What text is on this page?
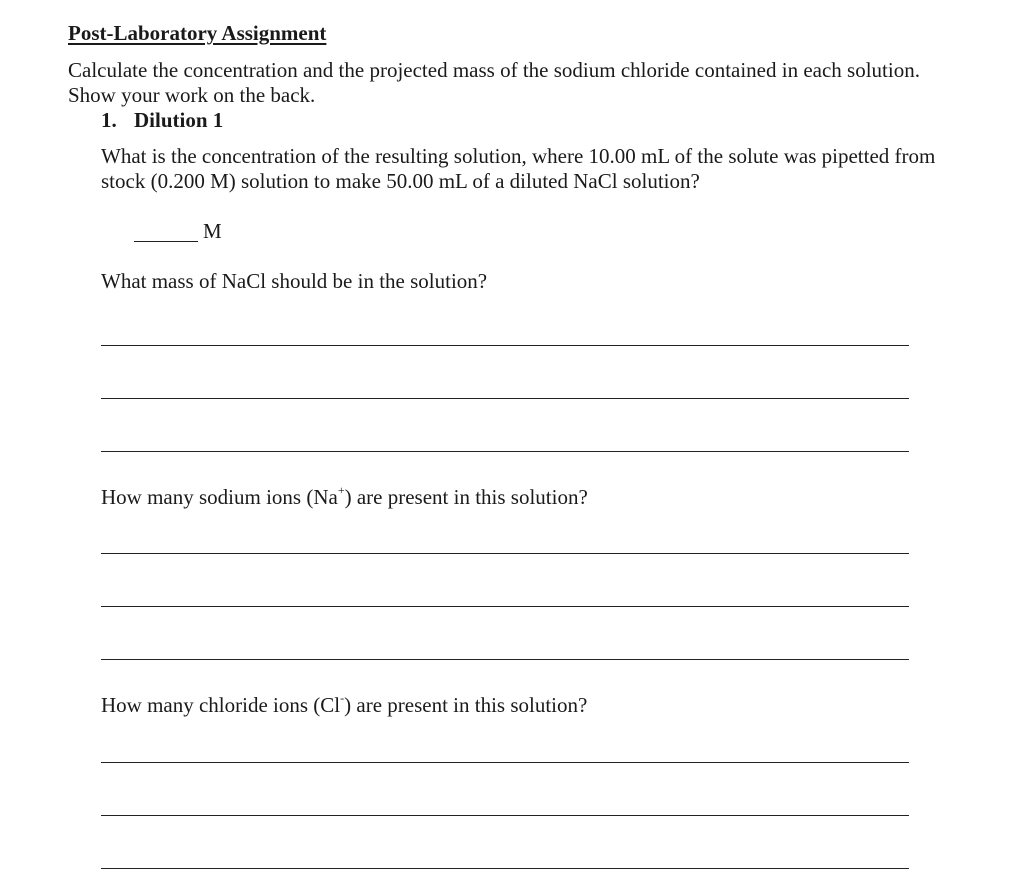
Post-Laboratory Assignment
Calculate the concentration and the projected mass of the sodium chloride contained in each solution.
Show your work on the back.
1. Dilution 1
What is the concentration of the resulting solution, where 10.00 mL of the solute was pipetted from
stock (0.200 M) solution to make 50.00 mL of a diluted NaCl solution?
M
What mass of NaCl should be in the solution?
How many sodium ions (Na+) are present in this solution?
How many chloride ions (Cl-) are present in this solution?
